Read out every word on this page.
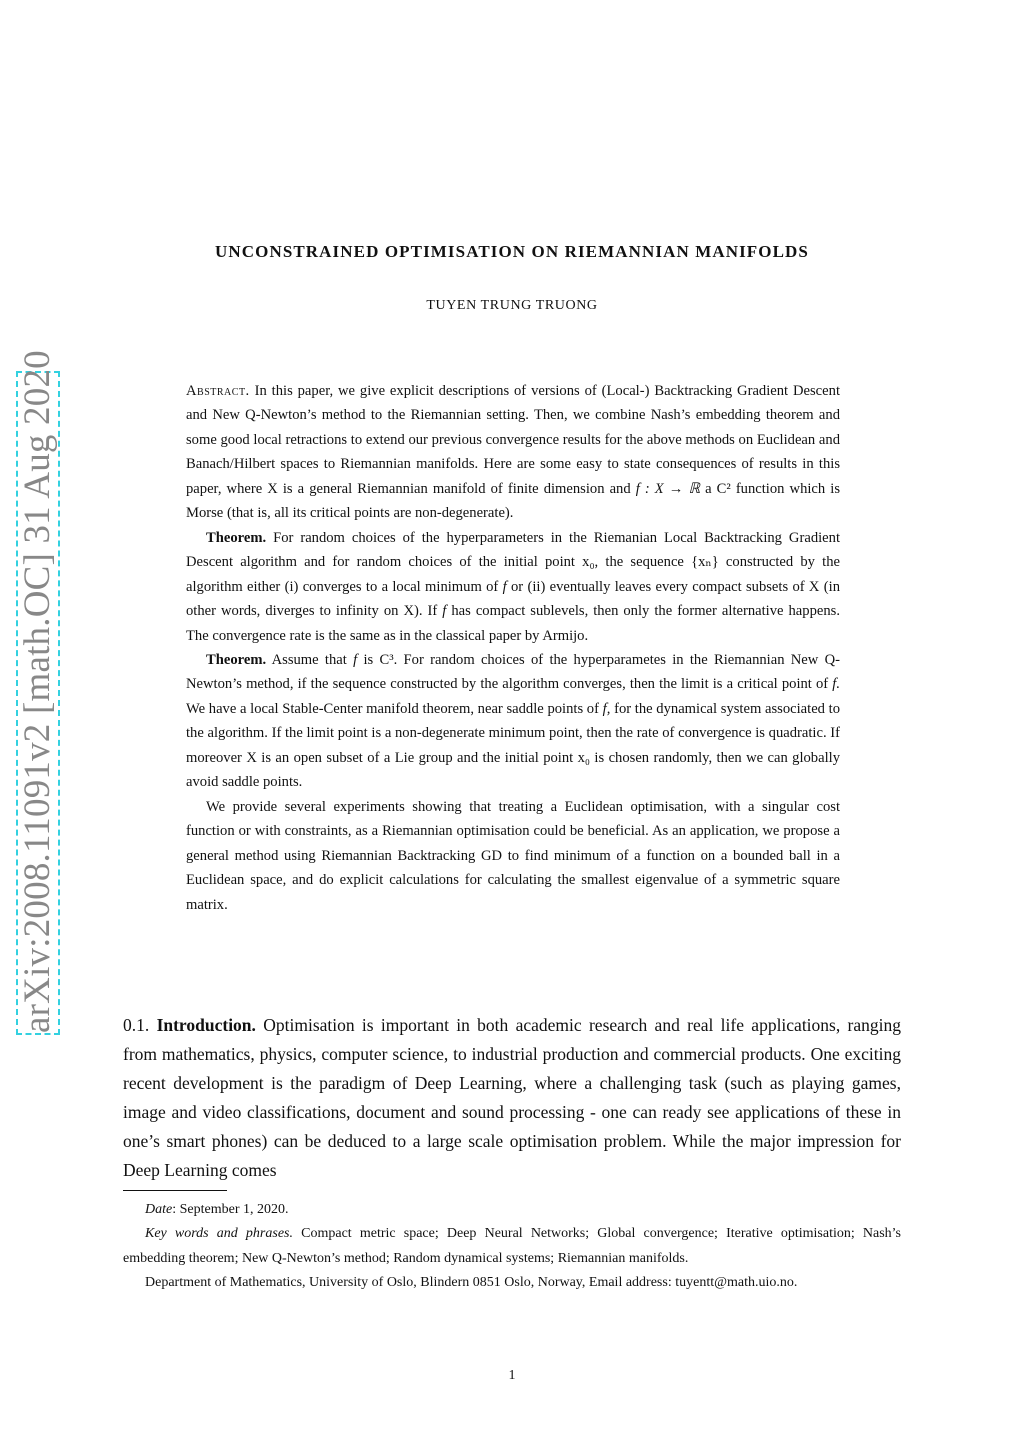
arXiv:2008.11091v2 [math.OC] 31 Aug 2020
UNCONSTRAINED OPTIMISATION ON RIEMANNIAN MANIFOLDS
TUYEN TRUNG TRUONG

Abstract. In this paper, we give explicit descriptions of versions of (Local-) Backtracking Gradient Descent and New Q-Newton’s method to the Riemannian setting. Then, we combine Nash’s embedding theorem and some good local retractions to extend our previous convergence results for the above methods on Euclidean and Banach/Hilbert spaces to Riemannian manifolds. Here are some easy to state consequences of results in this paper, where X is a general Riemannian manifold of finite dimension and f : X → ℝ a C² function which is Morse (that is, all its critical points are non-degenerate).

Theorem. For random choices of the hyperparameters in the Riemanian Local Backtracking Gradient Descent algorithm and for random choices of the initial point x₀, the sequence {xₙ} constructed by the algorithm either (i) converges to a local minimum of f or (ii) eventually leaves every compact subsets of X (in other words, diverges to infinity on X). If f has compact sublevels, then only the former alternative happens. The convergence rate is the same as in the classical paper by Armijo.

Theorem. Assume that f is C³. For random choices of the hyperparametes in the Riemannian New Q-Newton’s method, if the sequence constructed by the algorithm converges, then the limit is a critical point of f. We have a local Stable-Center manifold theorem, near saddle points of f, for the dynamical system associated to the algorithm. If the limit point is a non-degenerate minimum point, then the rate of convergence is quadratic. If moreover X is an open subset of a Lie group and the initial point x₀ is chosen randomly, then we can globally avoid saddle points.

We provide several experiments showing that treating a Euclidean optimisation, with a singular cost function or with constraints, as a Riemannian optimisation could be beneficial. As an application, we propose a general method using Riemannian Backtracking GD to find minimum of a function on a bounded ball in a Euclidean space, and do explicit calculations for calculating the smallest eigenvalue of a symmetric square matrix.

0.1. Introduction. Optimisation is important in both academic research and real life applications, ranging from mathematics, physics, computer science, to industrial production and commercial products. One exciting recent development is the paradigm of Deep Learning, where a challenging task (such as playing games, image and video classifications, document and sound processing - one can ready see applications of these in one’s smart phones) can be deduced to a large scale optimisation problem. While the major impression for Deep Learning comes

Date: September 1, 2020.

Key words and phrases. Compact metric space; Deep Neural Networks; Global convergence; Iterative optimisation; Nash’s embedding theorem; New Q-Newton’s method; Random dynamical systems; Riemannian manifolds.

Department of Mathematics, University of Oslo, Blindern 0851 Oslo, Norway, Email address: tuyentt@math.uio.no.

1
